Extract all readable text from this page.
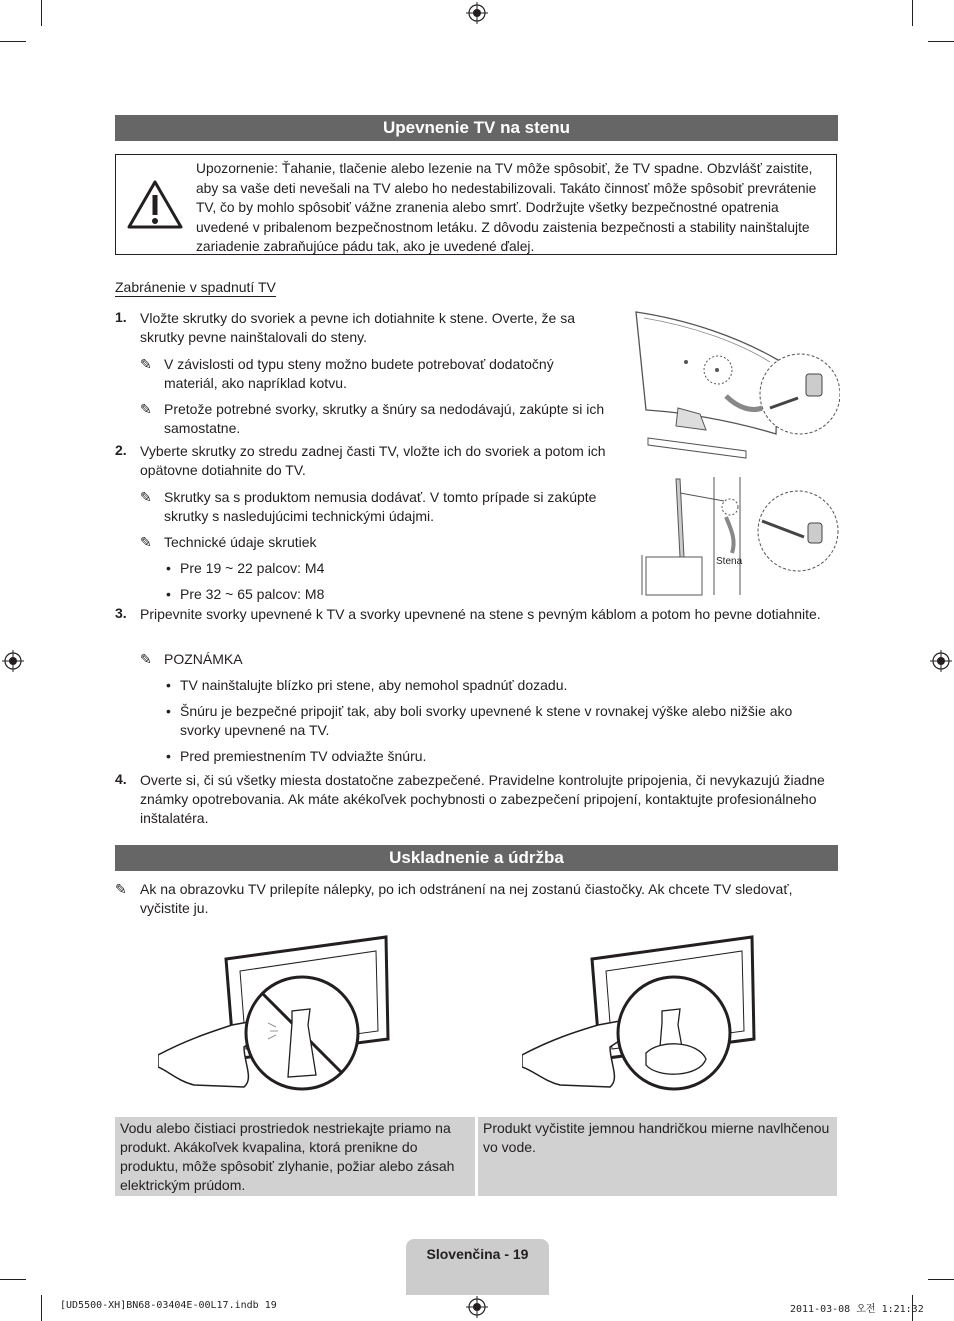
Upevnenie TV na stenu
Upozornenie: Ťahanie, tlačenie alebo lezenie na TV môže spôsobiť, že TV spadne. Obzvlášť zaistite, aby sa vaše deti nevešali na TV alebo ho nedestabilizovali. Takáto činnosť môže spôsobiť prevrátenie TV, čo by mohlo spôsobiť vážne zranenia alebo smrť. Dodržujte všetky bezpečnostné opatrenia uvedené v pribalenom bezpečnostnom letáku. Z dôvodu zaistenia bezpečnosti a stability nainštalujte zariadenie zabraňujúce pádu tak, ako je uvedené ďalej.
Zabránenie v spadnutí TV
1. Vložte skrutky do svoriek a pevne ich dotiahnite k stene. Overte, že sa skrutky pevne nainštalovali do steny.
✎ V závislosti od typu steny možno budete potrebovať dodatočný materiál, ako napríklad kotvu.
✎ Pretože potrebné svorky, skrutky a šnúry sa nedodávajú, zakúpte si ich samostatne.
2. Vyberte skrutky zo stredu zadnej časti TV, vložte ich do svoriek a potom ich opätovne dotiahnite do TV.
✎ Skrutky sa s produktom nemusia dodávať. V tomto prípade si zakúpte skrutky s nasledujúcimi technickými údajmi.
✎ Technické údaje skrutiek
• Pre 19 ~ 22 palcov: M4
• Pre 32 ~ 65 palcov: M8
3. Pripevnite svorky upevnené k TV a svorky upevnené na stene s pevným káblom a potom ho pevne dotiahnite.
✎ POZNÁMKA
• TV nainštalujte blízko pri stene, aby nemohol spadnúť dozadu.
• Šnúru je bezpečné pripojiť tak, aby boli svorky upevnené k stene v rovnakej výške alebo nižšie ako svorky upevnené na TV.
• Pred premiestnením TV odviažte šnúru.
4. Overte si, či sú všetky miesta dostatočne zabezpečené. Pravidelne kontrolujte pripojenia, či nevykazujú žiadne známky opotrebovania. Ak máte akékoľvek pochybnosti o zabezpečení pripojení, kontaktujte profesionálneho inštalatéra.
Stena
Uskladnenie a údržba
✎ Ak na obrazovku TV prilepíte nálepky, po ich odstránení na nej zostanú čiastočky. Ak chcete TV sledovať, vyčistite ju.
Vodu alebo čistiaci prostriedok nestriekajte priamo na produkt. Akákoľvek kvapalina, ktorá prenikne do produktu, môže spôsobiť zlyhanie, požiar alebo zásah elektrickým prúdom.
Produkt vyčistite jemnou handričkou mierne navlhčenou vo vode.
Slovenčina - 19
[UD5500-XH]BN68-03404E-00L17.indb 19	2011-03-08 오전 1:21:32
